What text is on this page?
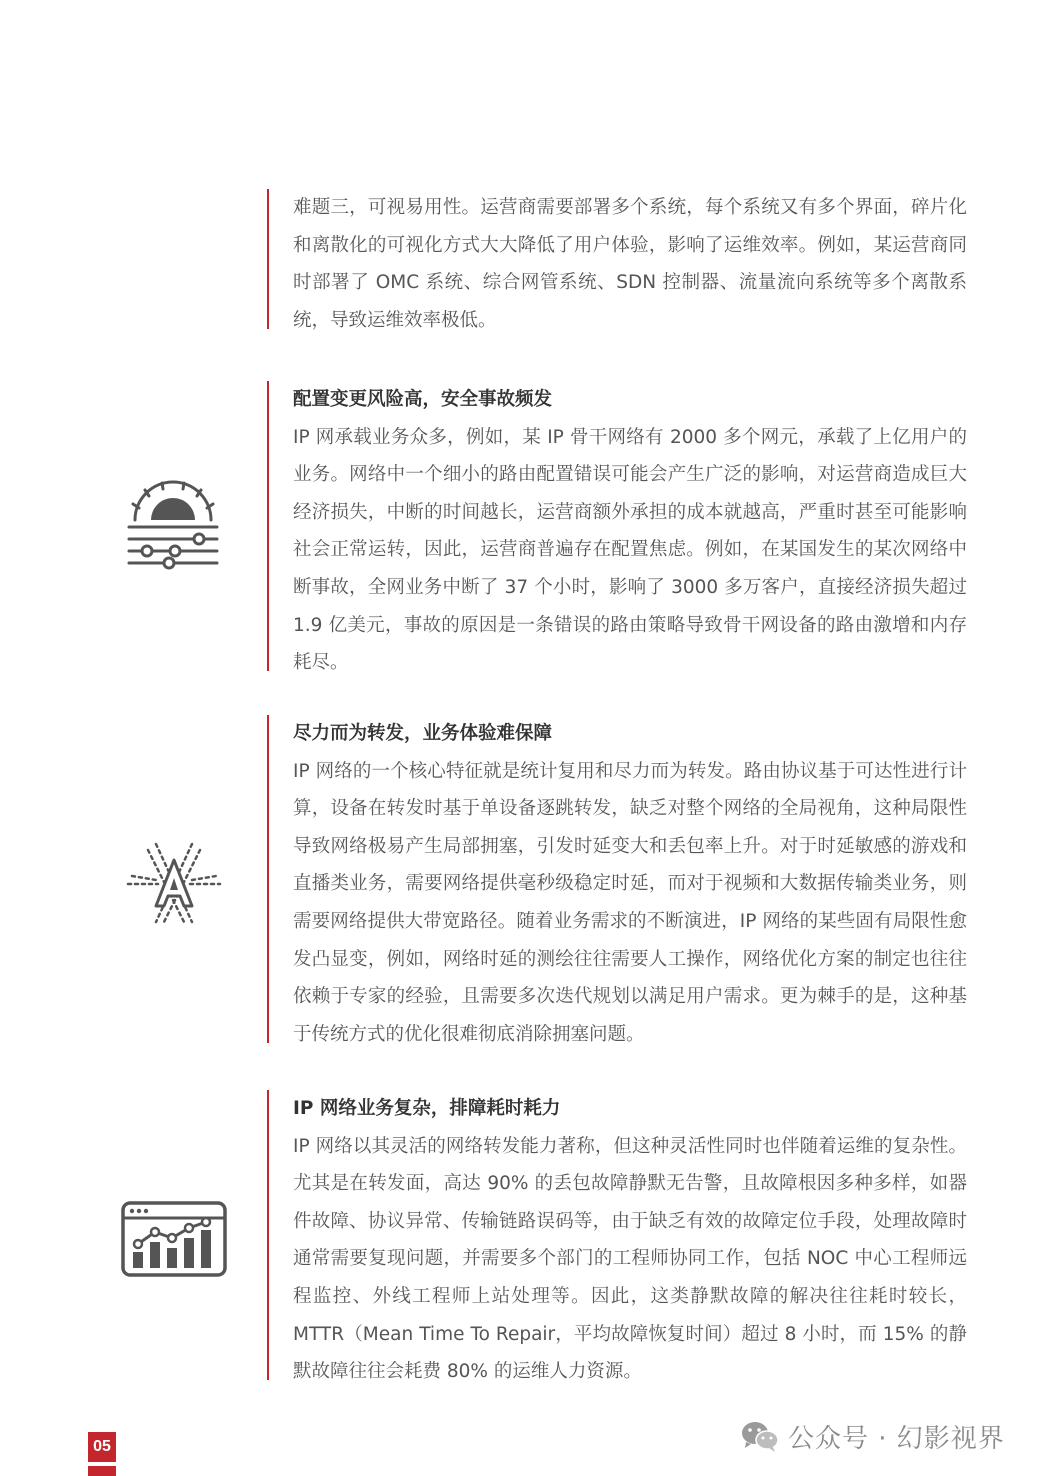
难题三，可视易用性。运营商需要部署多个系统，每个系统又有多个界面，碎片化和离散化的可视化方式大大降低了用户体验，影响了运维效率。例如，某运营商同时部署了 OMC 系统、综合网管系统、SDN 控制器、流量流向系统等多个离散系统，导致运维效率极低。

配置变更风险高，安全事故频发

IP 网承载业务众多，例如，某 IP 骨干网络有 2000 多个网元，承载了上亿用户的业务。网络中一个细小的路由配置错误可能会产生广泛的影响，对运营商造成巨大经济损失，中断的时间越长，运营商额外承担的成本就越高，严重时甚至可能影响社会正常运转，因此，运营商普遍存在配置焦虑。例如，在某国发生的某次网络中断事故，全网业务中断了 37 个小时，影响了 3000 多万客户，直接经济损失超过 1.9 亿美元，事故的原因是一条错误的路由策略导致骨干网设备的路由激增和内存耗尽。

尽力而为转发，业务体验难保障

IP 网络的一个核心特征就是统计复用和尽力而为转发。路由协议基于可达性进行计算，设备在转发时基于单设备逐跳转发，缺乏对整个网络的全局视角，这种局限性导致网络极易产生局部拥塞，引发时延变大和丢包率上升。对于时延敏感的游戏和直播类业务，需要网络提供毫秒级稳定时延，而对于视频和大数据传输类业务，则需要网络提供大带宽路径。随着业务需求的不断演进，IP 网络的某些固有局限性愈发凸显变，例如，网络时延的测绘往往需要人工操作，网络优化方案的制定也往往依赖于专家的经验，且需要多次迭代规划以满足用户需求。更为棘手的是，这种基于传统方式的优化很难彻底消除拥塞问题。

IP 网络业务复杂，排障耗时耗力

IP 网络以其灵活的网络转发能力著称，但这种灵活性同时也伴随着运维的复杂性。尤其是在转发面，高达 90% 的丢包故障静默无告警，且故障根因多种多样，如器件故障、协议异常、传输链路误码等，由于缺乏有效的故障定位手段，处理故障时通常需要复现问题，并需要多个部门的工程师协同工作，包括 NOC 中心工程师远程监控、外线工程师上站处理等。因此，这类静默故障的解决往往耗时较长，MTTR（Mean Time To Repair，平均故障恢复时间）超过 8 小时，而 15% 的静默故障往往会耗费 80% 的运维人力资源。

05	公众号 · 幻影视界
